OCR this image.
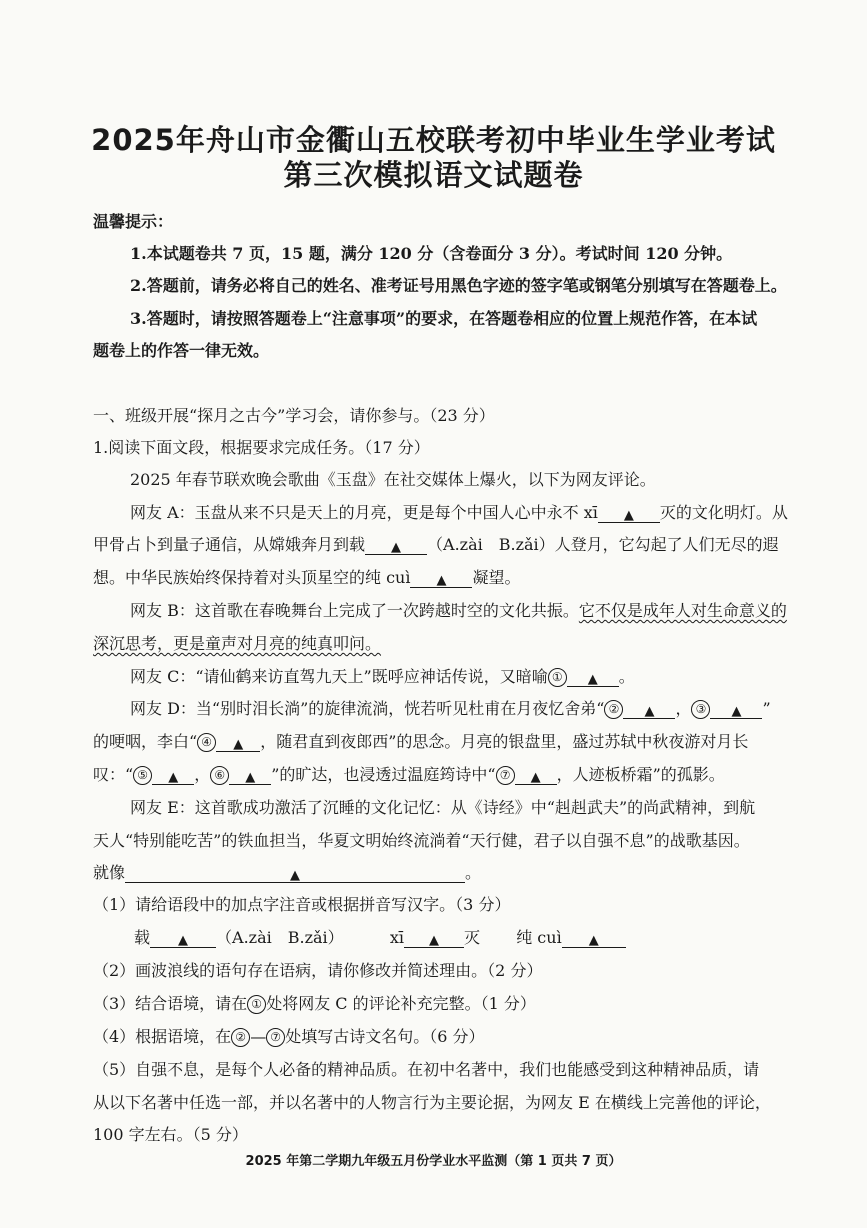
2025年舟山市金衢山五校联考初中毕业生学业考试
第三次模拟语文试题卷
温馨提示：
1.本试题卷共 7 页，15 题，满分 120 分（含卷面分 3 分）。考试时间 120 分钟。
2.答题前，请务必将自己的姓名、准考证号用黑色字迹的签字笔或钢笔分别填写在答题卷上。
3.答题时，请按照答题卷上“注意事项”的要求，在答题卷相应的位置上规范作答，在本试
题卷上的作答一律无效。
一、班级开展“探月之古今”学习会，请你参与。（23 分）
1.阅读下面文段，根据要求完成任务。（17 分）
2025 年春节联欢晚会歌曲《玉盘》在社交媒体上爆火，以下为网友评论。
网友 A：玉盘从来不只是天上的月亮，更是每个中国人心中永不 xī ▲ 灭的文化明灯。从
甲骨占卜到量子通信，从嫦娥奔月到载 ▲ （A.zài　B.zǎi）人登月，它勾起了人们无尽的遐
想。中华民族始终保持着对头顶星空的纯 cuì ▲ 凝望。
网友 B：这首歌在春晚舞台上完成了一次跨越时空的文化共振。它不仅是成年人对生命意义的
深沉思考，更是童声对月亮的纯真叩问。
网友 C：“请仙鹤来访直驾九天上”既呼应神话传说，又暗喻 ① ▲ 。
网友 D：当“别时泪长淌”的旋律流淌，恍若听见杜甫在月夜忆舍弟“ ② ▲ ， ③ ▲ ”
的哽咽，李白“ ④ ▲ ，随君直到夜郎西”的思念。月亮的银盘里，盛过苏轼中秋夜游对月长
叹：“ ⑤ ▲ ， ⑥ ▲ ”的旷达，也浸透过温庭筠诗中“ ⑦ ▲ ，人迹板桥霜”的孤影。
网友 E：这首歌成功激活了沉睡的文化记忆：从《诗经》中“赳赳武夫”的尚武精神，到航
天人“特别能吃苦”的铁血担当，华夏文明始终流淌着“天行健，君子以自强不息”的战歌基因。
就像	▲	。
（1）请给语段中的加点字注音或根据拼音写汉字。（3 分）
载 ▲ （A.zài　B.zǎi）	xī ▲ 灭 纯 cuì ▲
（2）画波浪线的语句存在语病，请你修改并简述理由。（2 分）
（3）结合语境，请在 ① 处将网友 C 的评论补充完整。（1 分）
（4）根据语境，在 ② — ⑦ 处填写古诗文名句。（6 分）
（5）自强不息，是每个人必备的精神品质。在初中名著中，我们也能感受到这种精神品质，请
从以下名著中任选一部，并以名著中的人物言行为主要论据，为网友 E 在横线上完善他的评论，
100 字左右。（5 分）
2025 年第二学期九年级五月份学业水平监测（第 1 页共 7 页）
